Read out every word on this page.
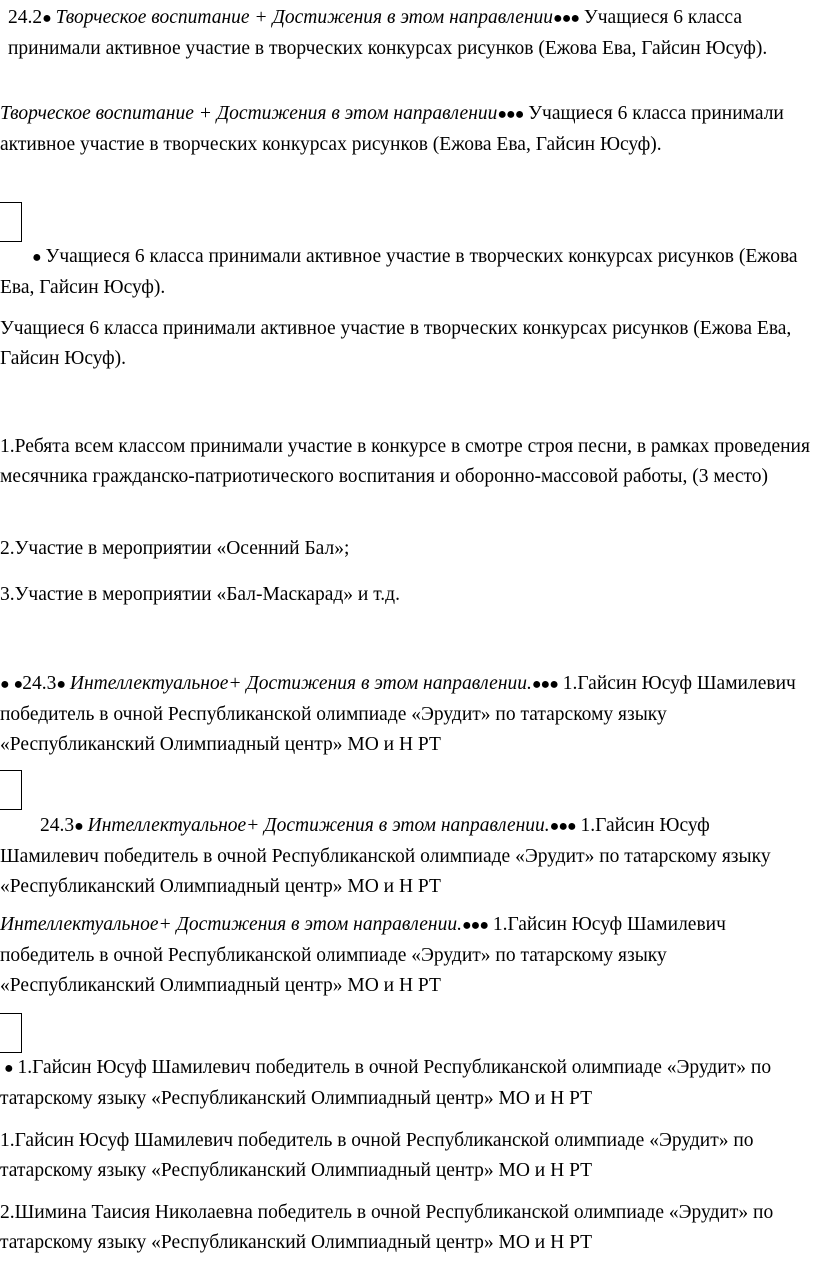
24.2● Творческое воспитание + Достижения в этом направлении●●● Учащиеся 6 класса принимали активное участие в творческих конкурсах рисунков (Ежова Ева, Гайсин Юсуф).

Творческое воспитание + Достижения в этом направлении●●● Учащиеся 6 класса принимали активное участие в творческих конкурсах рисунков (Ежова Ева, Гайсин Юсуф).

● Учащиеся 6 класса принимали активное участие в творческих конкурсах рисунков (Ежова Ева, Гайсин Юсуф).

Учащиеся 6 класса принимали активное участие в творческих конкурсах рисунков (Ежова Ева, Гайсин Юсуф).

1.Ребята всем классом принимали участие в конкурсе в смотре строя песни, в рамках проведения месячника гражданско-патриотического воспитания и оборонно-массовой работы, (3 место)

2.Участие в мероприятии «Осенний Бал»;

3.Участие в мероприятии «Бал-Маскарад» и т.д.

● ●24.3● Интеллектуальное+ Достижения в этом направлении.●●● 1.Гайсин Юсуф Шамилевич победитель в очной Республиканской олимпиаде «Эрудит» по татарскому языку «Республиканский Олимпиадный центр» МО и Н РТ

24.3● Интеллектуальное+ Достижения в этом направлении.●●● 1.Гайсин Юсуф Шамилевич победитель в очной Республиканской олимпиаде «Эрудит» по татарскому языку «Республиканский Олимпиадный центр» МО и Н РТ

Интеллектуальное+ Достижения в этом направлении.●●● 1.Гайсин Юсуф Шамилевич победитель в очной Республиканской олимпиаде «Эрудит» по татарскому языку «Республиканский Олимпиадный центр» МО и Н РТ

● 1.Гайсин Юсуф Шамилевич победитель в очной Республиканской олимпиаде «Эрудит» по татарскому языку «Республиканский Олимпиадный центр» МО и Н РТ

1.Гайсин Юсуф Шамилевич победитель в очной Республиканской олимпиаде «Эрудит» по татарскому языку «Республиканский Олимпиадный центр» МО и Н РТ

2.Шимина Таисия Николаевна победитель в очной Республиканской олимпиаде «Эрудит» по татарскому языку «Республиканский Олимпиадный центр» МО и Н РТ
